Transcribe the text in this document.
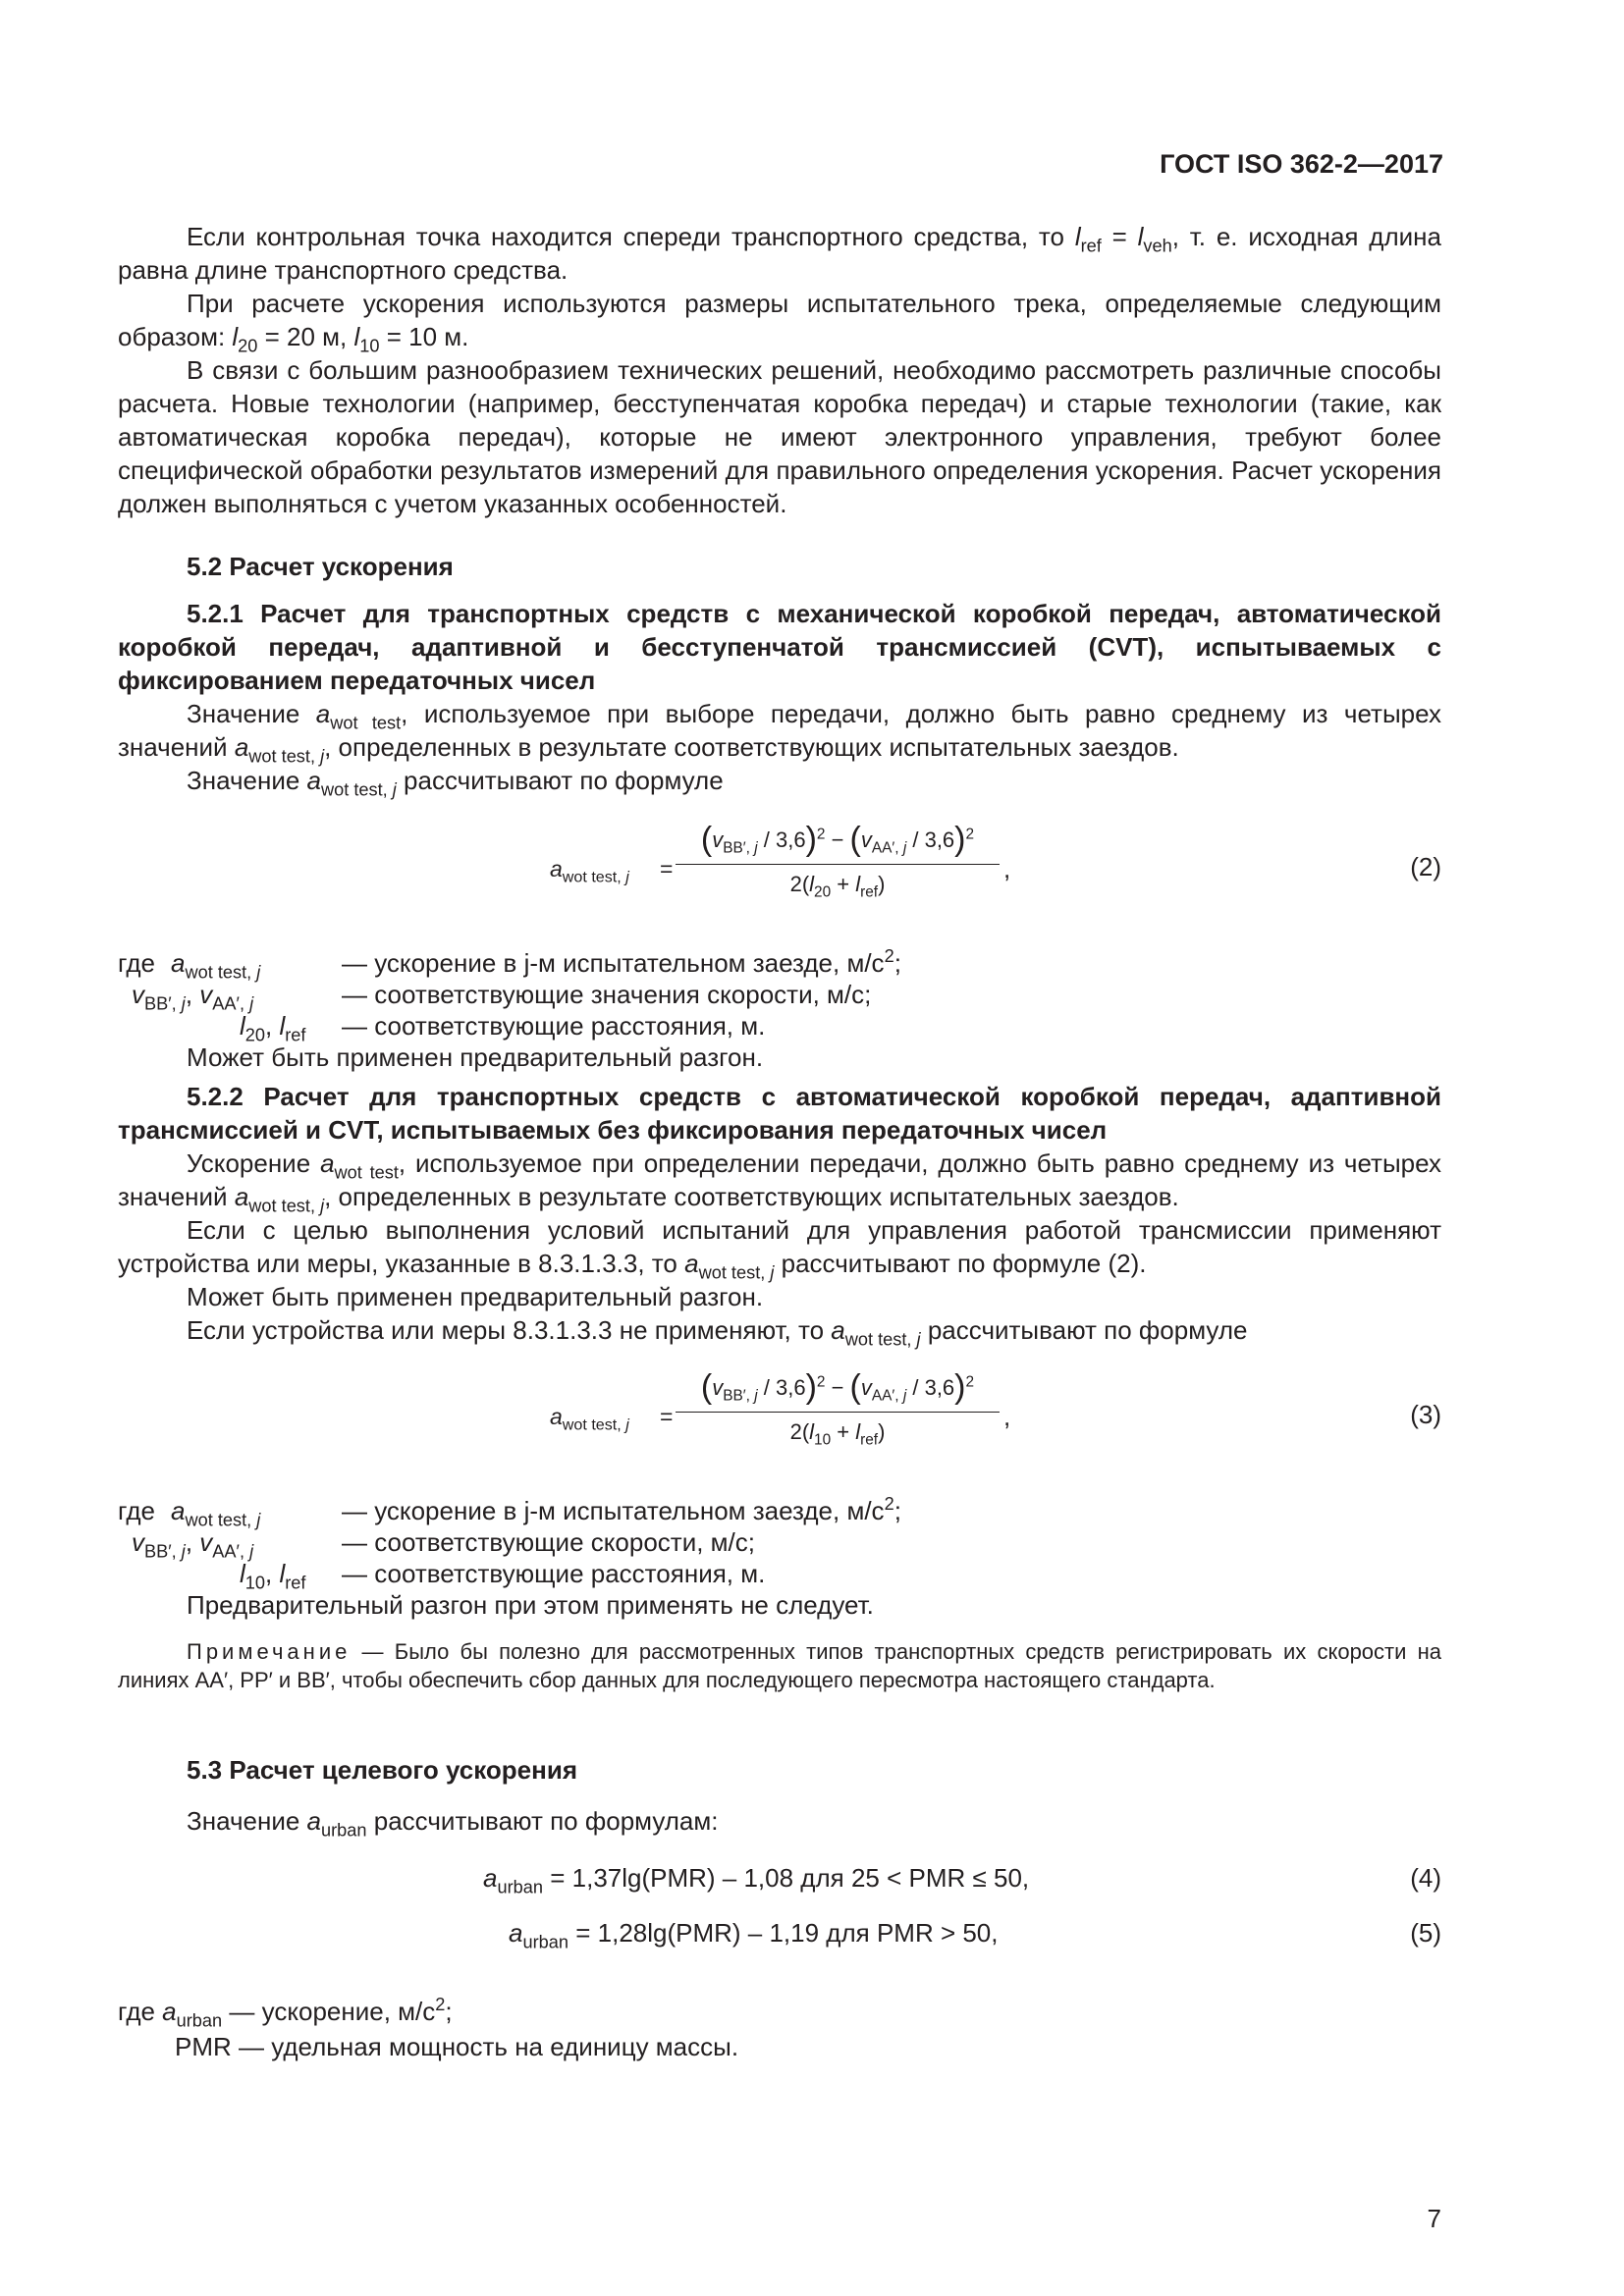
ГОСТ ISO 362-2—2017

Если контрольная точка находится спереди транспортного средства, то $l_{ref} = l_{veh}$, т. е. исходная длина равна длине транспортного средства.

При расчете ускорения используются размеры испытательного трека, определяемые следующим образом: $l_{20} = 20$ м, $l_{10} = 10$ м.

В связи с большим разнообразием технических решений, необходимо рассмотреть различные способы расчета. Новые технологии (например, бесступенчатая коробка передач) и старые технологии (такие, как автоматическая коробка передач), которые не имеют электронного управления, требуют более специфической обработки результатов измерений для правильного определения ускорения. Расчет ускорения должен выполняться с учетом указанных особенностей.

5.2 Расчет ускорения

5.2.1 Расчет для транспортных средств с механической коробкой передач, автоматической коробкой передач, адаптивной и бесступенчатой трансмиссией (CVT), испытываемых с фиксированием передаточных чисел

Значение $a_{wot test}$, используемое при выборе передачи, должно быть равно среднему из четырех значений $a_{wot test, j}$, определенных в результате соответствующих испытательных заездов.

Значение $a_{wot test, j}$ рассчитывают по формуле

$a_{wot test, j}$ =
$(v_{BB', j} / 3,6)^2 - (v_{AA', j} / 3,6)^2$
$2(l_{20} + l_{ref})$
,	(2)
где $a_{wot test, j}$	— ускорение в j-м испытательном заезде, $м/с^2$;
$v_{BB', j}$, $v_{AA', j}$	— соответствующие значения скорости, м/с;
$l_{20}$, $l_{ref}$ — соответствующие расстояния, м.
Может быть применен предварительный разгон.

5.2.2 Расчет для транспортных средств с автоматической коробкой передач, адаптивной трансмиссией и CVT, испытываемых без фиксирования передаточных чисел

Ускорение $a_{wot test}$, используемое при определении передачи, должно быть равно среднему из четырех значений $a_{wot test, j}$, определенных в результате соответствующих испытательных заездов.

Если с целью выполнения условий испытаний для управления работой трансмиссии применяют устройства или меры, указанные в 8.3.1.3.3, то $a_{wot test, j}$ рассчитывают по формуле (2).

Может быть применен предварительный разгон.

Если устройства или меры 8.3.1.3.3 не применяют, то $a_{wot test, j}$ рассчитывают по формуле

$a_{wot test, j}$ =
$(v_{BB', j} / 3,6)^2 - (v_{AA', j} / 3,6)^2$
$2(l_{10} + l_{ref})$
,	(3)
где $a_{wot test, j}$	— ускорение в j-м испытательном заезде, $м/с^2$;
$v_{BB', j}$, $v_{AA', j}$	— соответствующие скорости, м/с;
$l_{10}$, $l_{ref}$ — соответствующие расстояния, м.
Предварительный разгон при этом применять не следует.

Примечание — Было бы полезно для рассмотренных типов транспортных средств регистрировать их скорости на линиях AA′, PP′ и BB′, чтобы обеспечить сбор данных для последующего пересмотра настоящего стандарта.

5.3 Расчет целевого ускорения

Значение $a_{urban}$ рассчитывают по формулам:

$a_{urban} = 1,37\lg(PMR) - 1,08$ для 25 < PMR ≤ 50,	(4)
$a_{urban} = 1,28\lg(PMR) - 1,19$ для PMR > 50,	(5)
где $a_{urban}$ — ускорение, $м/с^2$;
PMR — удельная мощность на единицу массы.
7
